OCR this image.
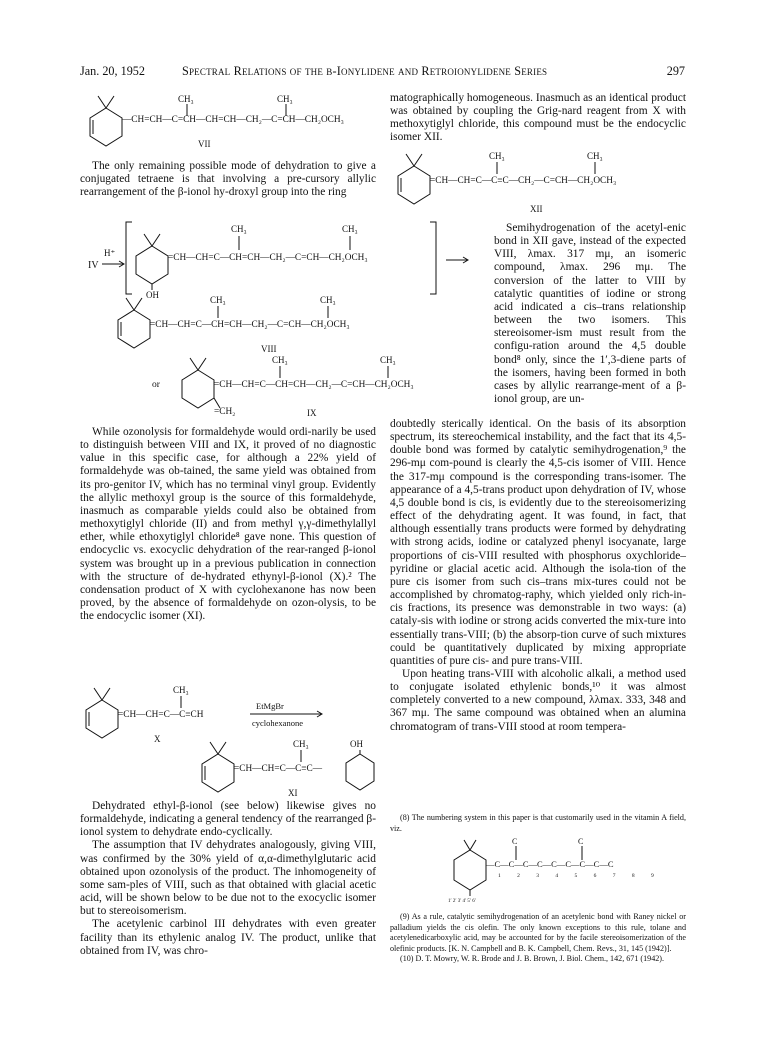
Jan. 20, 1952	Spectral Relations of the β-Ionylidene and Retroionylidene Series	297
CH₃	CH₃
—CH=CH—C=CH—CH=CH—CH₂—C=CH—CH₂OCH₃
VII

The only remaining possible mode of dehydration to give a conjugated tetraene is that involving a pre-cursory allylic rearrangement of the β-ionol hy-droxyl group into the ring

IV
H⁺
CH₃	CH₃
=CH—CH=C—CH=CH—CH₂—C=CH—CH₂OCH₃
OH	CH₃	CH₃
=CH—CH=C—CH=CH—CH₂—C=CH—CH₂OCH₃
VIII
or
CH₃	CH₃
=CH—CH=C—CH=CH—CH₂—C=CH—CH₂OCH₃
=CH₂	IX

While ozonolysis for formaldehyde would ordi-narily be used to distinguish between VIII and IX, it proved of no diagnostic value in this specific case, for although a 22% yield of formaldehyde was ob-tained, the same yield was obtained from its pro-genitor IV, which has no terminal vinyl group. Evidently the allylic methoxyl group is the source of this formaldehyde, inasmuch as comparable yields could also be obtained from methoxytiglyl chloride (II) and from methyl γ,γ-dimethylallyl ether, while ethoxytiglyl chloride⁸ gave none. This question of endocyclic vs. exocyclic dehydration of the rear-ranged β-ionol system was brought up in a previous publication in connection with the structure of de-hydrated ethynyl-β-ionol (X).² The condensation product of X with cyclohexanone has now been proved, by the absence of formaldehyde on ozon-olysis, to be the endocyclic isomer (XI).

CH₃
=CH—CH=C—C≡CH
X
EtMgBr
cyclohexanone
CH₃	OH
=CH—CH=C—C≡C—
XI

Dehydrated ethyl-β-ionol (see below) likewise gives no formaldehyde, indicating a general tendency of the rearranged β-ionol system to dehydrate endo-cyclically.

The assumption that IV dehydrates analogously, giving VIII, was confirmed by the 30% yield of α,α-dimethylglutaric acid obtained upon ozonolysis of the product. The inhomogeneity of some sam-ples of VIII, such as that obtained with glacial acetic acid, will be shown below to be due not to the exocyclic isomer but to stereoisomerism.

The acetylenic carbinol III dehydrates with even greater facility than its ethylenic analog IV. The product, unlike that obtained from IV, was chro-

matographically homogeneous. Inasmuch as an identical product was obtained by coupling the Grig-nard reagent from X with methoxytiglyl chloride, this compound must be the endocyclic isomer XII.

CH₃	CH₃
=CH—CH=C—C≡C—CH₂—C=CH—CH₂OCH₃
XII

Semihydrogenation of the acetyl-enic bond in XII gave, instead of the expected VIII, λmax. 317 mμ, an isomeric compound, λmax. 296 mμ. The conversion of the latter to VIII by catalytic quantities of iodine or strong acid indicated a cis–trans relationship between the two isomers. This stereoisomer-ism must result from the configu-ration around the 4,5 double bond⁸ only, since the 1′,3-diene parts of the isomers, having been formed in both cases by allylic rearrange-ment of a β-ionol group, are un-

doubtedly sterically identical. On the basis of its absorption spectrum, its stereochemical instability, and the fact that its 4,5-double bond was formed by catalytic semihydrogenation,⁹ the 296-mμ com-pound is clearly the 4,5-cis isomer of VIII. Hence the 317-mμ compound is the corresponding trans-isomer. The appearance of a 4,5-trans product upon dehydration of IV, whose 4,5 double bond is cis, is evidently due to the stereoisomerizing effect of the dehydrating agent. It was found, in fact, that although essentially trans products were formed by dehydrating with strong acids, iodine or catalyzed phenyl isocyanate, large proportions of cis-VIII resulted with phosphorus oxychloride–pyridine or glacial acetic acid. Although the isola-tion of the pure cis isomer from such cis–trans mix-tures could not be accomplished by chromatog-raphy, which yielded only rich-in-cis fractions, its presence was demonstrable in two ways: (a) cataly-sis with iodine or strong acids converted the mix-ture into essentially trans-VIII; (b) the absorp-tion curve of such mixtures could be quantitatively duplicated by mixing appropriate quantities of pure cis- and pure trans-VIII.

Upon heating trans-VIII with alcoholic alkali, a method used to conjugate isolated ethylenic bonds,¹⁰ it was almost completely converted to a new compound, λλmax. 333, 348 and 367 mμ. The same compound was obtained when an alumina chromatogram of trans-VIII stood at room tempera-

(8) The numbering system in this paper is that customarily used in the vitamin A field, viz.

C	C
—C—C—C—C—C—C—C—C—C
1 2 3 4 5 6 7 8 9
1′ 2′ 3′ 4′ 5′ 6′

(9) As a rule, catalytic semihydrogenation of an acetylenic bond with Raney nickel or palladium yields the cis olefin. The only known exceptions to this rule, tolane and acetylenedicarboxylic acid, may be accounted for by the facile stereoisomerization of the olefinic products. [K. N. Campbell and B. K. Campbell, Chem. Revs., 31, 145 (1942)].

(10) D. T. Mowry, W. R. Brode and J. B. Brown, J. Biol. Chem., 142, 671 (1942).
